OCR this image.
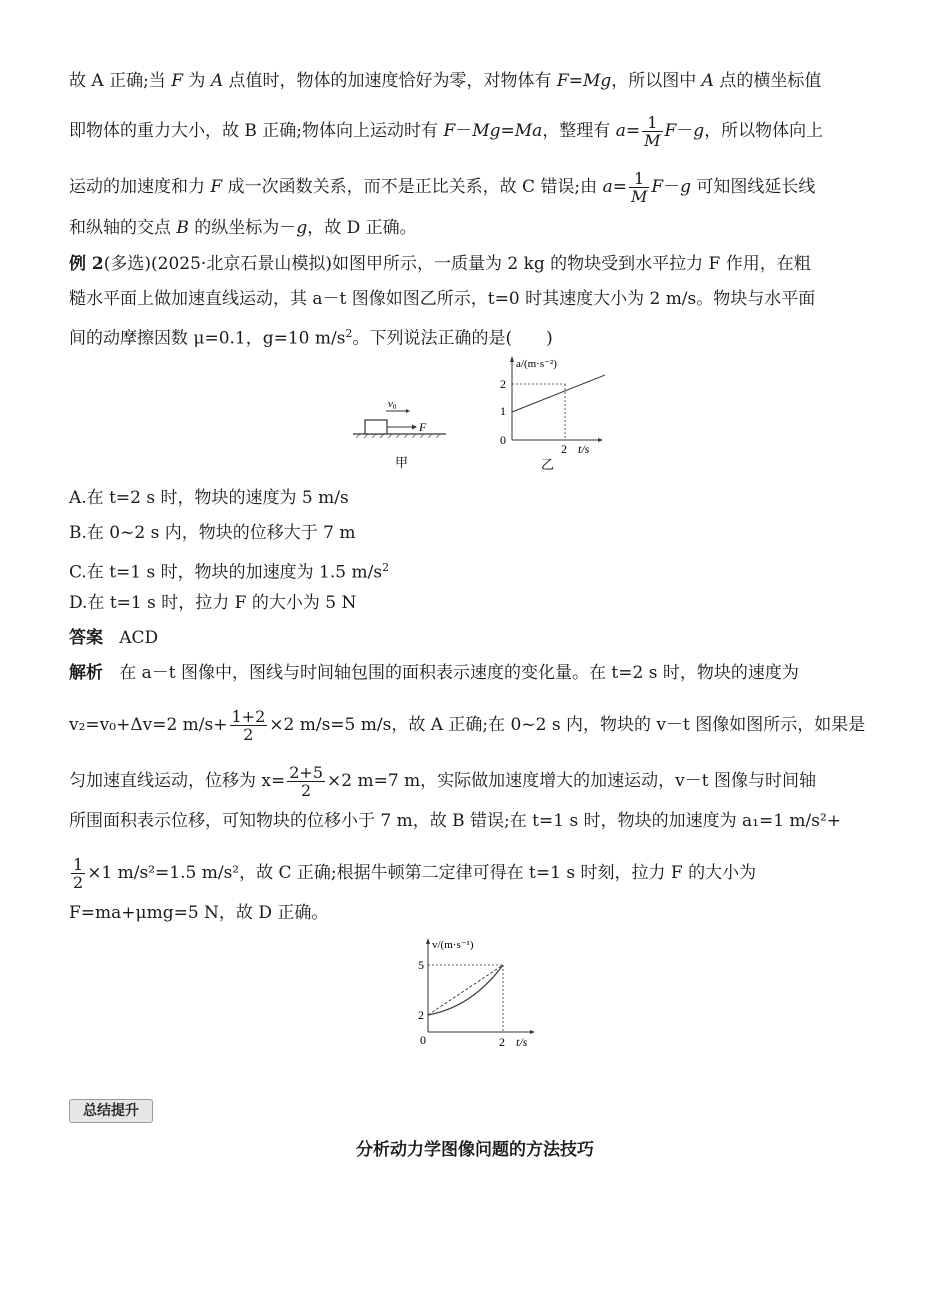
故 A 正确;当 F 为 A 点值时，物体的加速度恰好为零，对物体有 F=Mg，所以图中 A 点的横坐标值
即物体的重力大小，故 B 正确;物体向上运动时有 F－Mg=Ma，整理有 $a= \frac{1}{M} F-g$，所以物体向上
运动的加速度和力 F 成一次函数关系，而不是正比关系，故 C 错误;由 $a= \frac{1}{M} F-g$ 可知图线延长线
和纵轴的交点 B 的纵坐标为－g，故 D 正确。
例 2(多选)(2025·北京石景山模拟)如图甲所示，一质量为 2 kg 的物块受到水平拉力 F 作用，在粗
糙水平面上做加速直线运动，其 a－t 图像如图乙所示，t=0 时其速度大小为 2 m/s。物块与水平面
间的动摩擦因数 μ=0.1，g=10 $m/s^2$。下列说法正确的是(　　)
F
v0
甲
a/(m·s⁻²)
2
1
0
2 t/s
乙
A.在 t=2 s 时，物块的速度为 5 m/s
B.在 0~2 s 内，物块的位移大于 7 m
C.在 t=1 s 时，物块的加速度为 1.5 $m/s^2$
D.在 t=1 s 时，拉力 F 的大小为 5 N
答案 ACD
解析 在 a－t 图像中，图线与时间轴包围的面积表示速度的变化量。在 t=2 s 时，物块的速度为
v₂=v₀+Δv=2 $m/s+ \frac{1+2}{2} \times 2$ m/s=5 m/s，故 A 正确;在 0~2 s 内，物块的 v－t 图像如图所示，如果是
匀加速直线运动，位移为 $x= \frac{2+5}{2} \times 2$ m=7 m，实际做加速度增大的加速运动，v－t 图像与时间轴
所围面积表示位移，可知物块的位移小于 7 m，故 B 错误;在 t=1 s 时，物块的加速度为 a₁=1 m/s²+
$\frac{1}{2} \times 1$ m/s²=1.5 m/s²，故 C 正确;根据牛顿第二定律可得在 t=1 s 时刻，拉力 F 的大小为
F=ma+μmg=5 N，故 D 正确。
v/(m·s⁻¹)
5
2
0	2 t/s
总结提升
分析动力学图像问题的方法技巧
